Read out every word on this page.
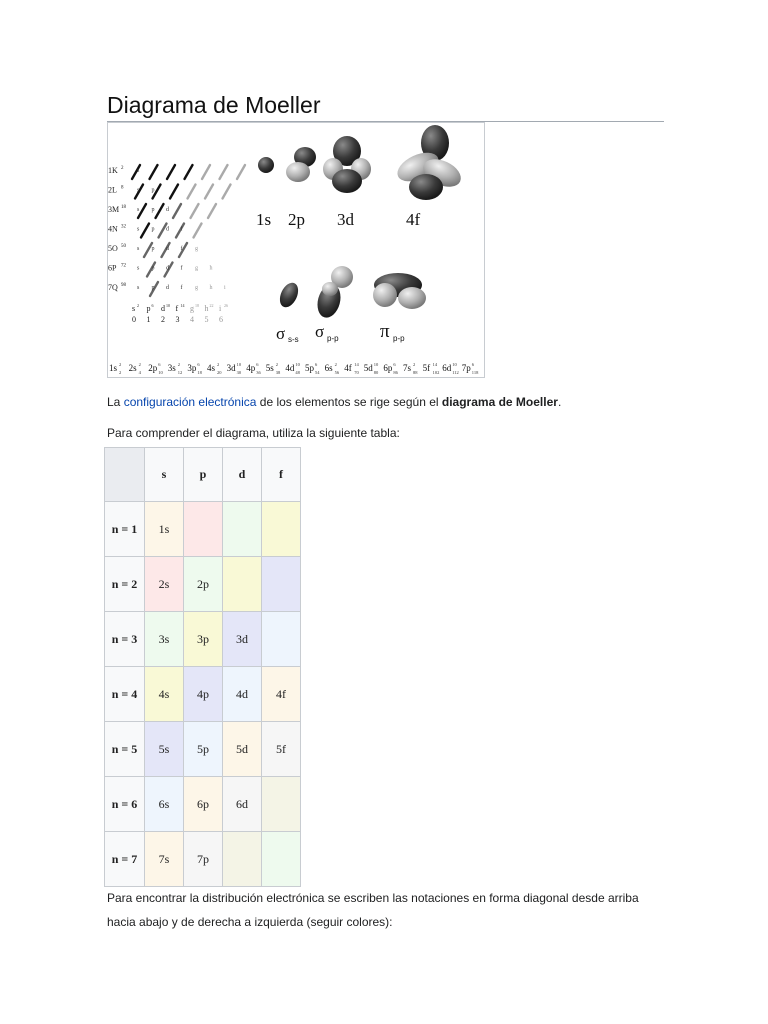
Diagrama de Moeller
1K 2
2L 8
3M 18
4N 32
5O 50
6P 72
7Q 98
s
s p
s p d
s p d f
s p d f g
s p d f g h
s p d f g h i
s 2
0
p 6
1
d 10
2
f 14
3
g 18
4
h 22
5
i 26
6
1s 2p 3d	4f
σ s-s σ p-p π p-p
1s 2
2 2s 2
4 2p 6
10 3s 2
12 3p 6
18 4s 2
20 3d 10
30 4p 6
36 5s 2
38 4d 10
48 5p 6
54 6s 2
56 4f 14
70 5d 10
80 6p 6
86 7s 2
88 5f 14
102 6d 10
112 7p 6
118
La configuración electrónica de los elementos se rige según el diagrama de Moeller.
Para comprender el diagrama, utiliza la siguiente tabla:
	s	p	d	f
n = 1	1s			
n = 2	2s	2p		
n = 3	3s	3p	3d	
n = 4	4s	4p	4d	4f
n = 5	5s	5p	5d	5f
n = 6	6s	6p	6d	
n = 7	7s	7p		
Para encontrar la distribución electrónica se escriben las notaciones en forma diagonal desde arriba hacia abajo y de derecha a izquierda (seguir colores):
